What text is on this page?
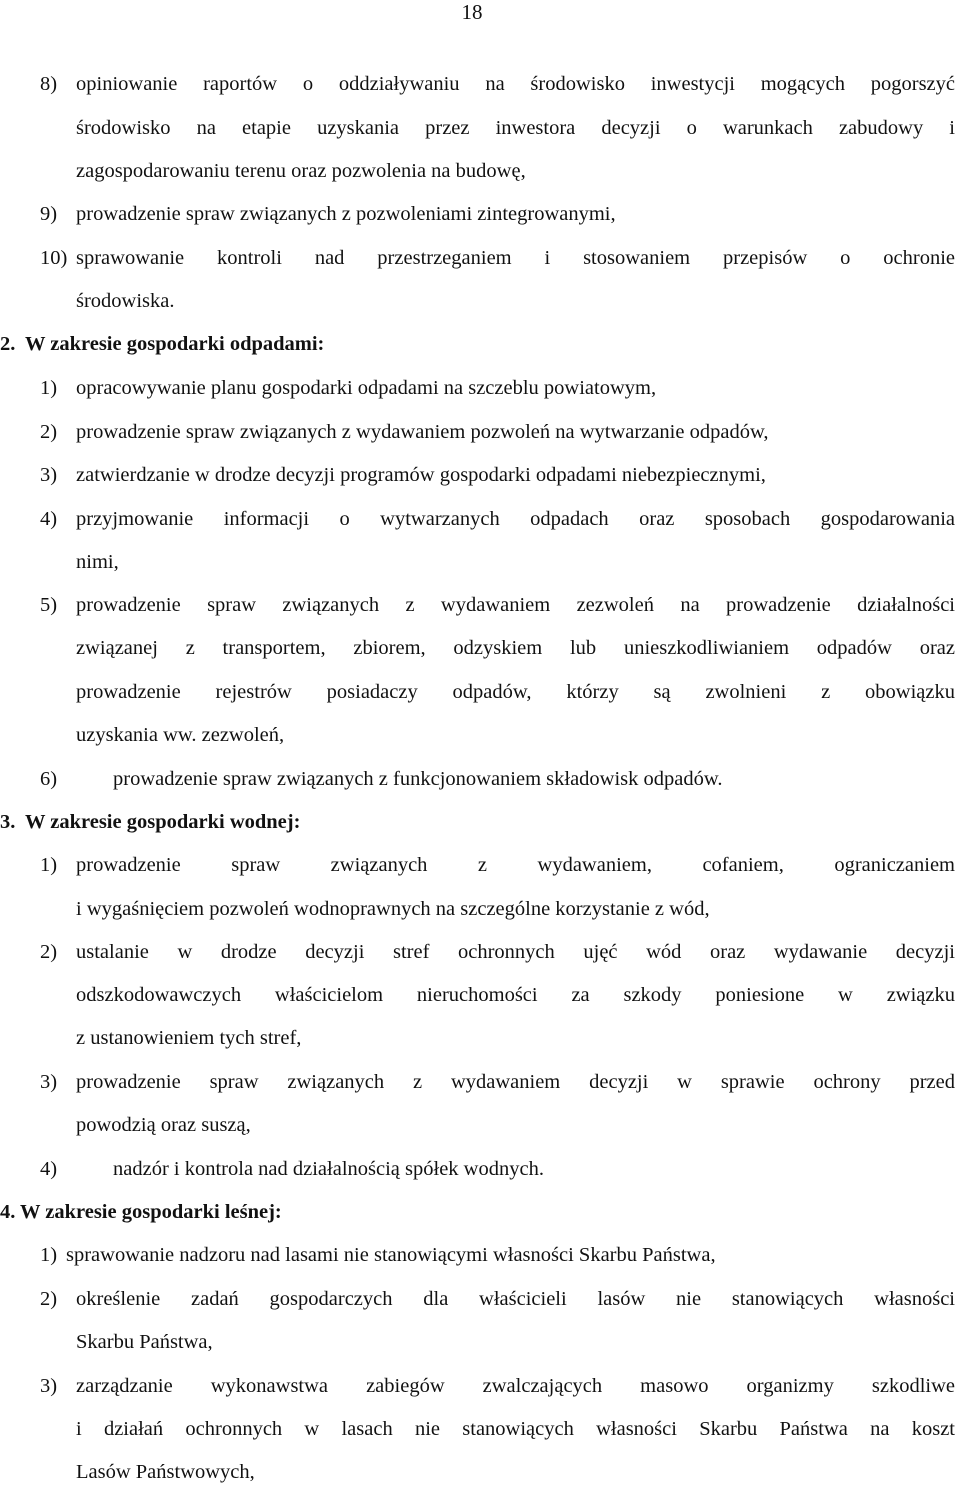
18
8) opiniowanie raportów o oddziaływaniu na środowisko inwestycji mogących pogorszyć
środowisko na etapie uzyskania przez inwestora decyzji o warunkach zabudowy i
zagospodarowaniu terenu oraz pozwolenia na budowę,
9) prowadzenie spraw związanych z pozwoleniami zintegrowanymi,
10) sprawowanie kontroli nad przestrzeganiem i stosowaniem przepisów o ochronie
środowiska.
2. W zakresie gospodarki odpadami:
1) opracowywanie planu gospodarki odpadami na szczeblu powiatowym,
2) prowadzenie spraw związanych z wydawaniem pozwoleń na wytwarzanie odpadów,
3) zatwierdzanie w drodze decyzji programów gospodarki odpadami niebezpiecznymi,
4) przyjmowanie informacji o wytwarzanych odpadach oraz sposobach gospodarowania
nimi,
5) prowadzenie spraw związanych z wydawaniem zezwoleń na prowadzenie działalności
związanej z transportem, zbiorem, odzyskiem lub unieszkodliwianiem odpadów oraz
prowadzenie rejestrów posiadaczy odpadów, którzy są zwolnieni z obowiązku
uzyskania ww. zezwoleń,
6)	prowadzenie spraw związanych z funkcjonowaniem składowisk odpadów.
3. W zakresie gospodarki wodnej:
1) prowadzenie spraw związanych z wydawaniem, cofaniem, ograniczaniem
i wygaśnięciem pozwoleń wodnoprawnych na szczególne korzystanie z wód,
2) ustalanie w drodze decyzji stref ochronnych ujęć wód oraz wydawanie decyzji
odszkodowawczych właścicielom nieruchomości za szkody poniesione w związku
z ustanowieniem tych stref,
3) prowadzenie spraw związanych z wydawaniem decyzji w sprawie ochrony przed
powodzią oraz suszą,
4)	nadzór i kontrola nad działalnością spółek wodnych.
4. W zakresie gospodarki leśnej:
1) sprawowanie nadzoru nad lasami nie stanowiącymi własności Skarbu Państwa,
2) określenie zadań gospodarczych dla właścicieli lasów nie stanowiących własności
Skarbu Państwa,
3) zarządzanie wykonawstwa zabiegów zwalczających masowo organizmy szkodliwe
i działań ochronnych w lasach nie stanowiących własności Skarbu Państwa na koszt
Lasów Państwowych,
